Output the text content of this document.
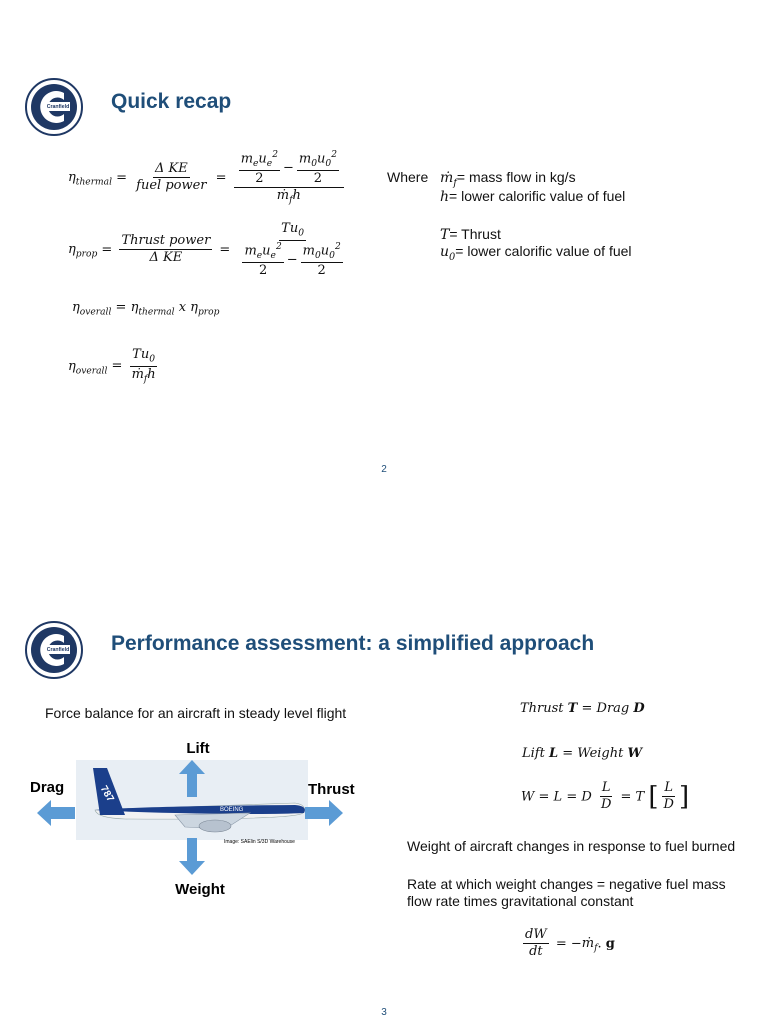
Cranfield
Aerospace Quick recap
$\eta_{thermal} = \frac{\text{Δ KE}}{\text{fuel power}} = \frac{\frac{m_eu_e^2}{2} - \frac{m_0u_0^2}{2}}{ṁ_fh}$
$\eta_{prop} = \frac{\text{Thrust power}}{\text{Δ KE}} = \frac{Tu_0}{\frac{m_eu_e^2}{2} - \frac{m_0u_0^2}{2}}$
$\eta_{overall} = \eta_{thermal}$ x $\eta_{prop}$
$\eta_{overall} = \frac{Tu_0}{ṁ_fh}$
Where ṁ$_f$= mass flow in kg/s
h= lower calorific value of fuel
T= Thrust
$u_0=$ lower calorific value of fuel
2
Cranfield
Aerospace Performance assessment: a simplified approach
Force balance for an aircraft in steady level flight
787
BOEING
Lift
Drag	Thrust
Weight
Image: SAElin S/3D Warehouse
Thrust T = Drag D
Lift L = Weight W
W = L = D $\frac{L}{D} = T$ [ $\frac{L}{D}$ ]
Weight of aircraft changes in response to fuel burned
Rate at which weight changes = negative fuel mass
flow rate times gravitational constant
$\frac{dW}{dt}$ = −ṁ$_f$. g
3
